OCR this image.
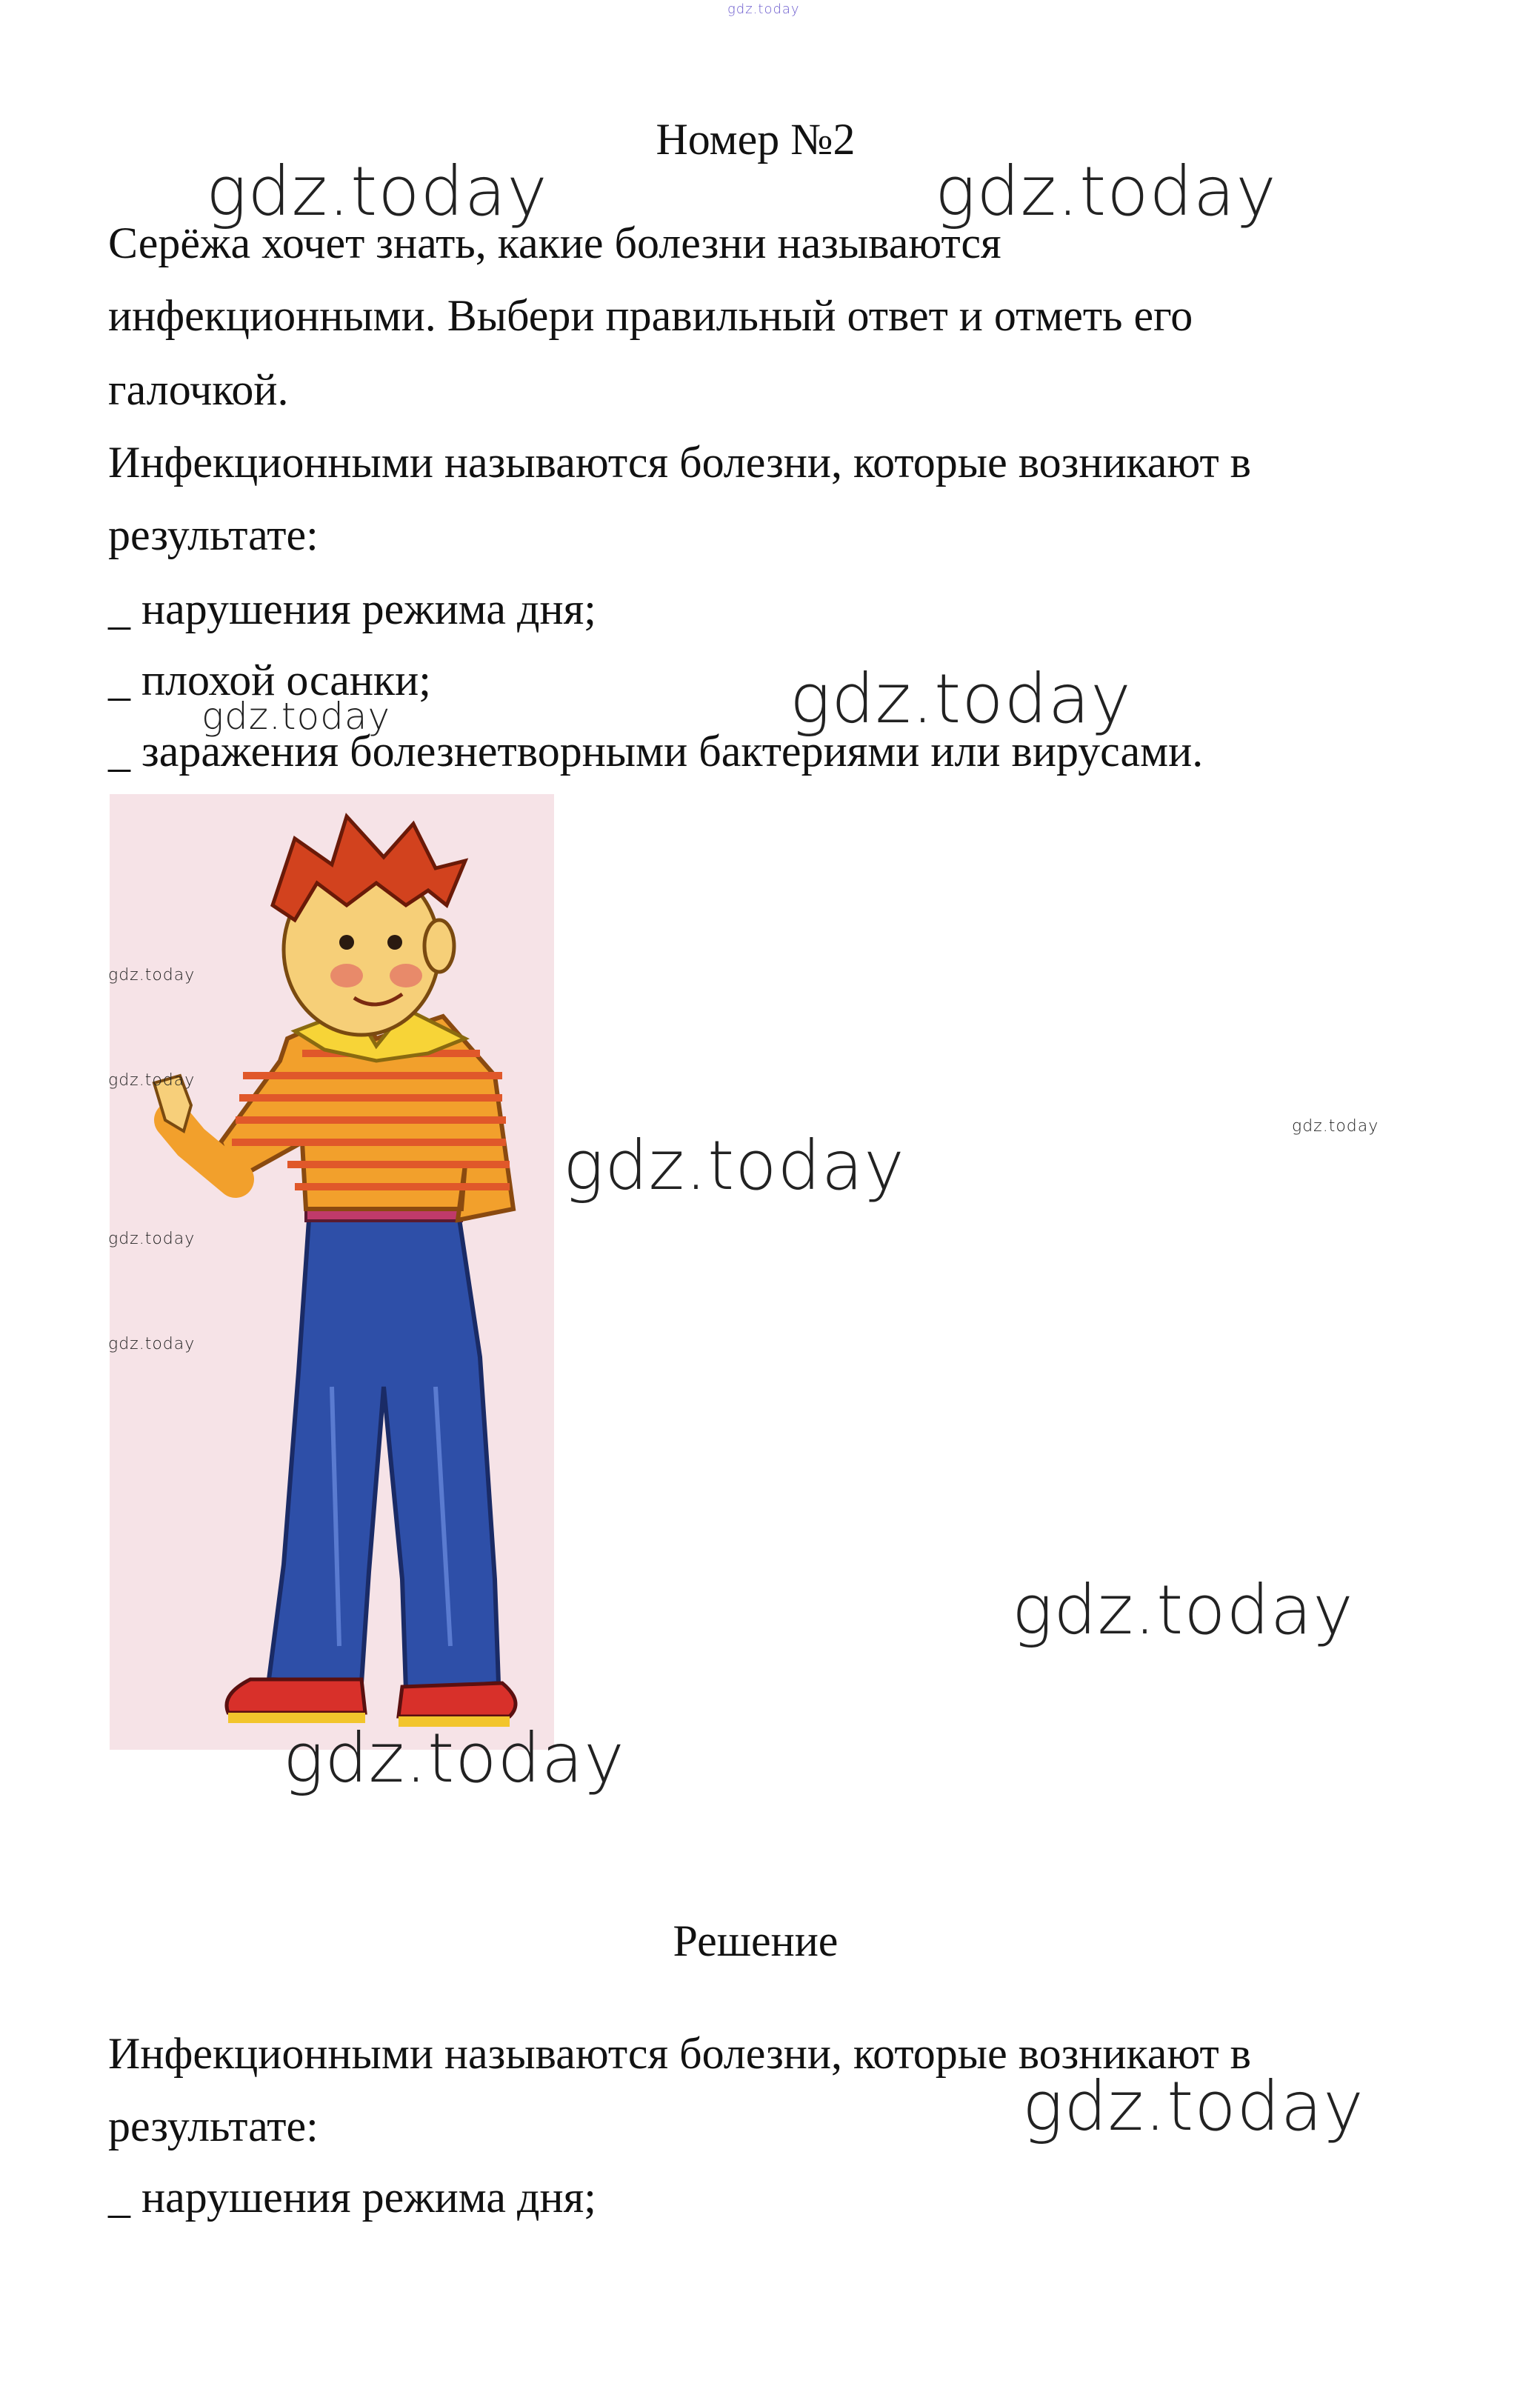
gdz.today
Номер №2
Серёжа хочет знать, какие болезни называются
инфекционными. Выбери правильный ответ и отметь его
галочкой.
Инфекционными называются болезни, которые возникают в
результате:
_ нарушения режима дня;
_ плохой осанки;
_ заражения болезнетворными бактериями или вирусами.
Решение
Инфекционными называются болезни, которые возникают в
результате:
_ нарушения режима дня;
gdz.today	gdz.today
gdz.today
gdz.today
gdz.today
gdz.today
gdz.today
gdz.today
gdz.today
gdz.today
gdz.today
gdz.today
gdz.today
